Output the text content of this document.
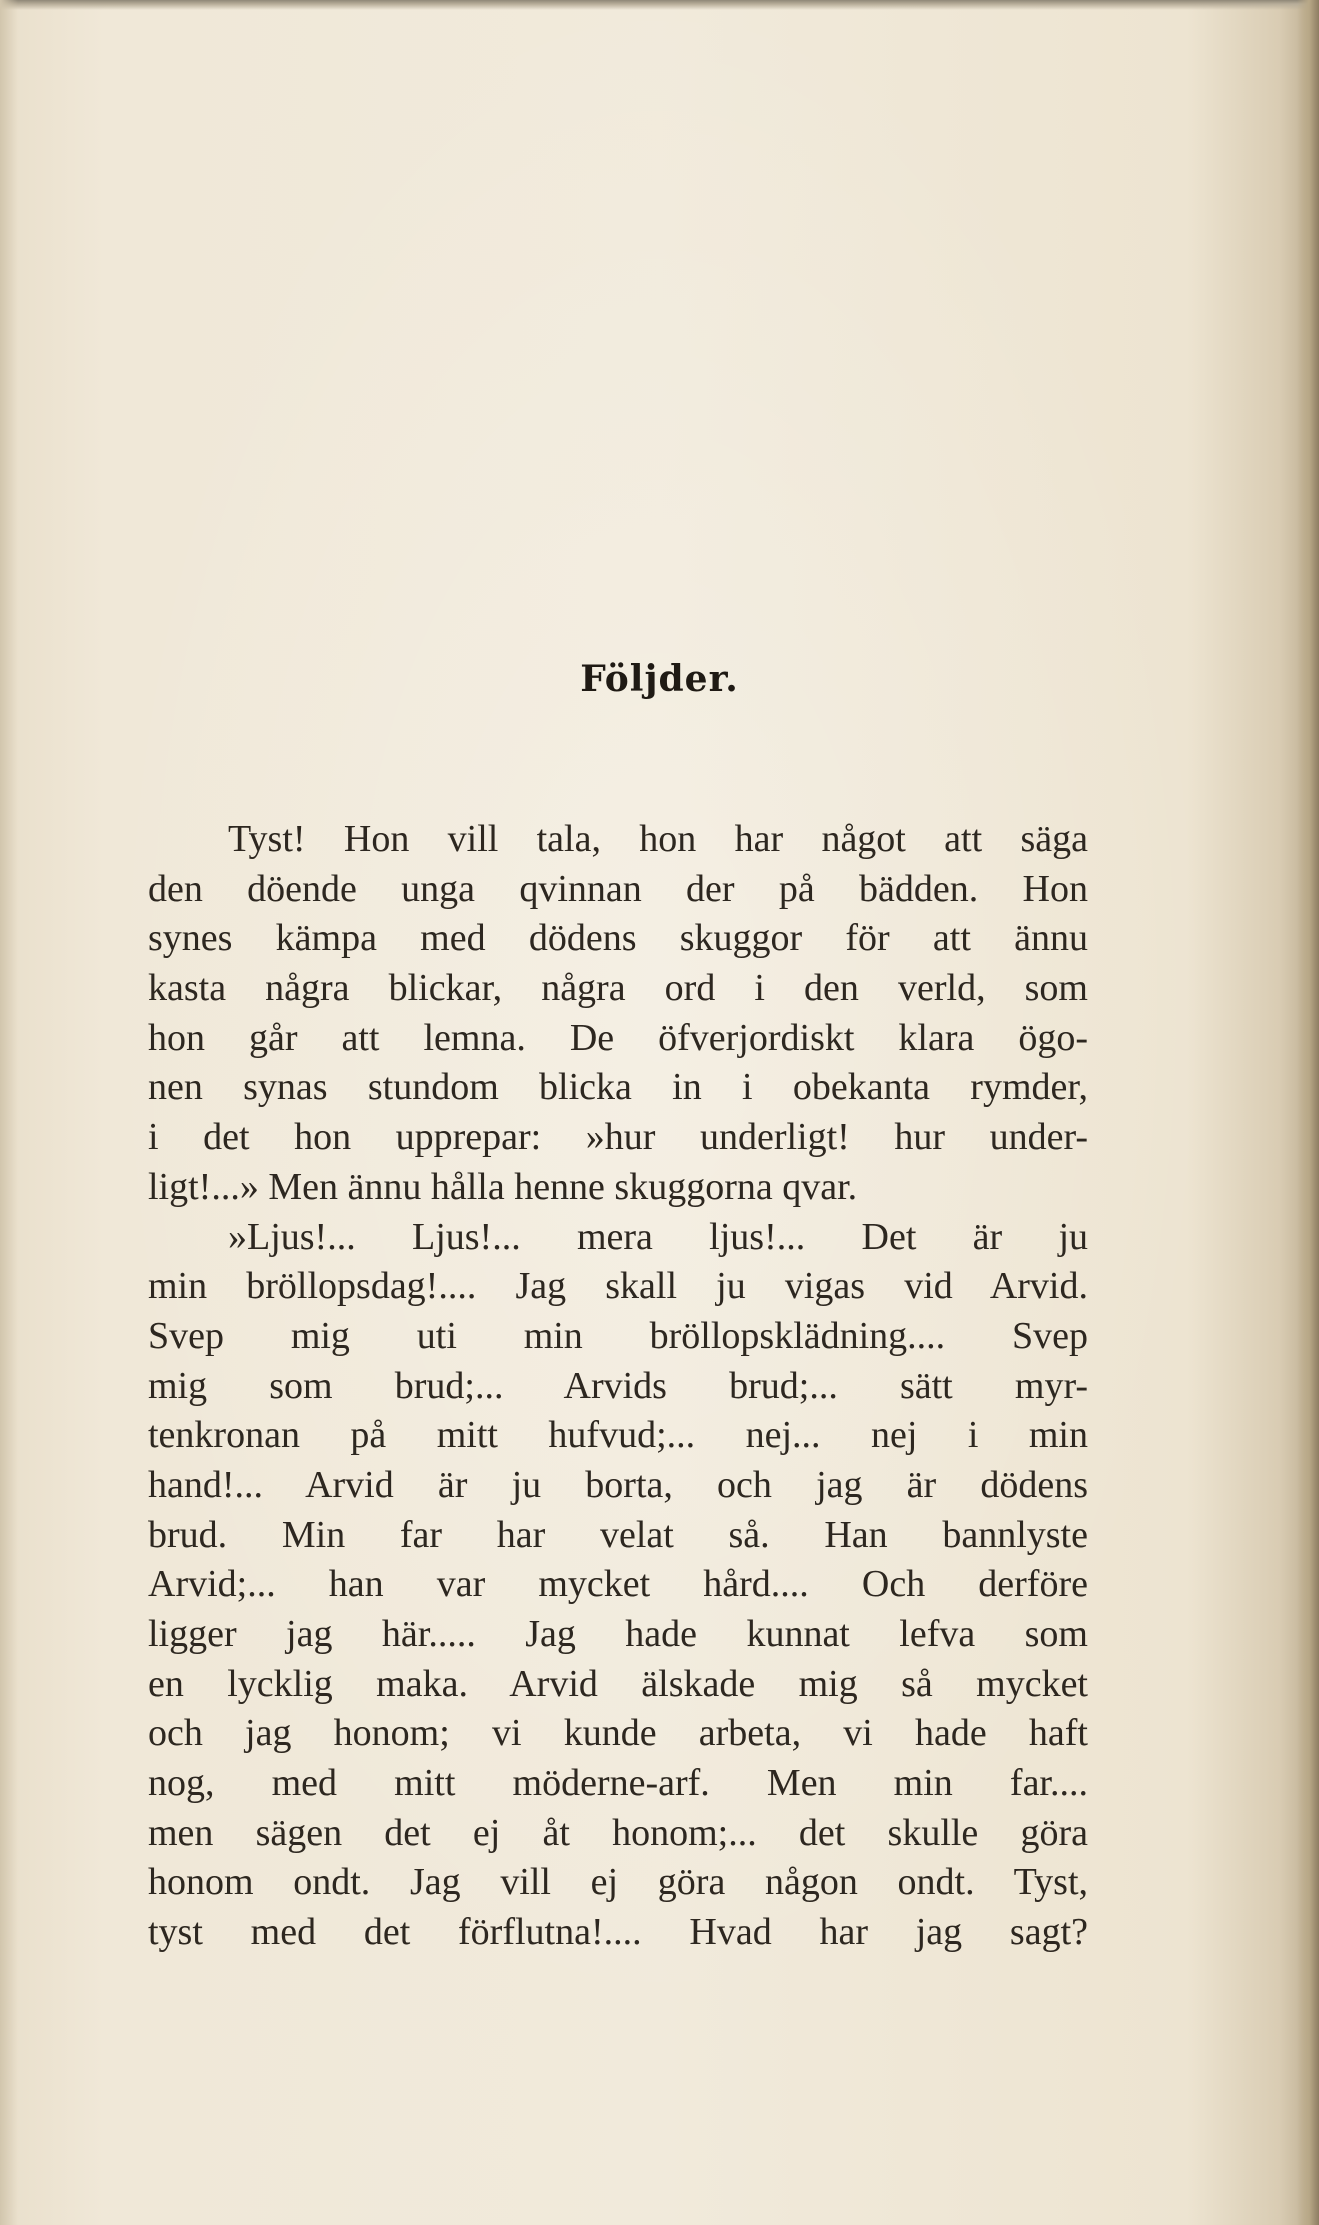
Följder.
Tyst! Hon vill tala, hon har något att säga
den döende unga qvinnan der på bädden. Hon
synes kämpa med dödens skuggor för att ännu
kasta några blickar, några ord i den verld, som
hon går att lemna. De öfverjordiskt klara ögo-
nen synas stundom blicka in i obekanta rymder,
i det hon upprepar: »hur underligt! hur under-
ligt!...» Men ännu hålla henne skuggorna qvar.
»Ljus!... Ljus!... mera ljus!... Det är ju
min bröllopsdag!.... Jag skall ju vigas vid Arvid.
Svep mig uti min bröllopsklädning.... Svep
mig som brud;... Arvids brud;... sätt myr-
tenkronan på mitt hufvud;... nej... nej i min
hand!... Arvid är ju borta, och jag är dödens
brud. Min far har velat så. Han bannlyste
Arvid;... han var mycket hård.... Och derföre
ligger jag här..... Jag hade kunnat lefva som
en lycklig maka. Arvid älskade mig så mycket
och jag honom; vi kunde arbeta, vi hade haft
nog, med mitt möderne-arf. Men min far....
men sägen det ej åt honom;... det skulle göra
honom ondt. Jag vill ej göra någon ondt. Tyst,
tyst med det förflutna!.... Hvad har jag sagt?
